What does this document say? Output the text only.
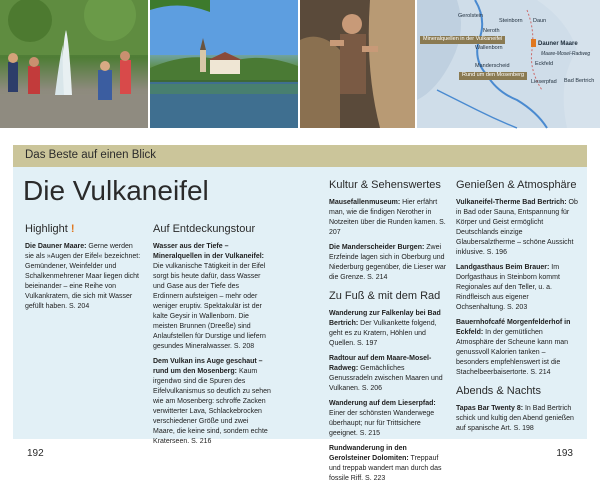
Gerolstein
Steinborn Daun
Neroth
Mineralquellen in der Vulkaneifel
Dauner Maare
Wallenborn
Maare-Mosel-Radweg
Manderscheid	Eckfeld
Rund um den Mosenberg
Lieserpfad Bad Bertrich
Das Beste auf einen Blick
Die Vulkaneifel
Highlight !

Die Dauner Maare: Gerne werden sie als »Augen der Eifel« bezeichnet: Gemündener, Weinfelder und Schalkenmehrener Maar liegen dicht beieinander – eine Reihe von Vulkankratern, die sich mit Wasser gefüllt haben. S. 204

Auf Entdeckungstour

Wasser aus der Tiefe – Mineralquellen in der Vulkaneifel: Die vulkanische Tätigkeit in der Eifel sorgt bis heute dafür, dass Wasser und Gase aus der Tiefe des Erdinnern aufsteigen – mehr oder weniger eruptiv. Spektakulär ist der kalte Geysir in Wallenborn. Die meisten Brunnen (Dreeße) sind Anlaufstellen für Durstige und liefern gesundes Mineralwasser. S. 208

Dem Vulkan ins Auge geschaut – rund um den Mosenberg: Kaum irgendwo sind die Spuren des Eifelvulkanismus so deutlich zu sehen wie am Mosenberg: schroffe Zacken verwitterter Lava, Schlackebrocken verschiedener Größe und zwei Maare, die keine sind, sondern echte Kraterseen. S. 216

Kultur & Sehenswertes

Mausefallenmuseum: Hier erfährt man, wie die findigen Nerother in Notzeiten über die Runden kamen. S. 207

Die Manderscheider Burgen: Zwei Erzfeinde lagen sich in Oberburg und Niederburg gegenüber, die Lieser war die Grenze. S. 214

Zu Fuß & mit dem Rad

Wanderung zur Falkenlay bei Bad Bertrich: Der Vulkankette folgend, geht es zu Kratern, Höhlen und Quellen. S. 197

Radtour auf dem Maare-Mosel-Radweg: Gemächliches Genussradeln zwischen Maaren und Vulkanen. S. 206

Wanderung auf dem Lieserpfad: Einer der schönsten Wanderwege überhaupt; nur für Trittsichere geeignet. S. 215

Rundwanderung in den Gerolsteiner Dolomiten: Treppauf und treppab wandert man durch das fossile Riff. S. 223

Genießen & Atmosphäre

Vulkaneifel-Therme Bad Bertrich: Ob in Bad oder Sauna, Entspannung für Körper und Geist ermöglicht Deutschlands einzige Glaubersalztherme – schöne Aussicht inklusive. S. 196

Landgasthaus Beim Brauer: Im Dorfgasthaus in Steinborn kommt Regionales auf den Teller, u. a. Rindfleisch aus eigener Ochsenhaltung. S. 203

Bauernhofcafé Morgenfelderhof in Eckfeld: In der gemütlichen Atmosphäre der Scheune kann man genussvoll Kalorien tanken – besonders empfehlenswert ist die Stachelbeerbaisertorte. S. 214

Abends & Nachts

Tapas Bar Twenty 8: In Bad Bertrich schick und kultig den Abend genießen auf spanische Art. S. 198

192	193
